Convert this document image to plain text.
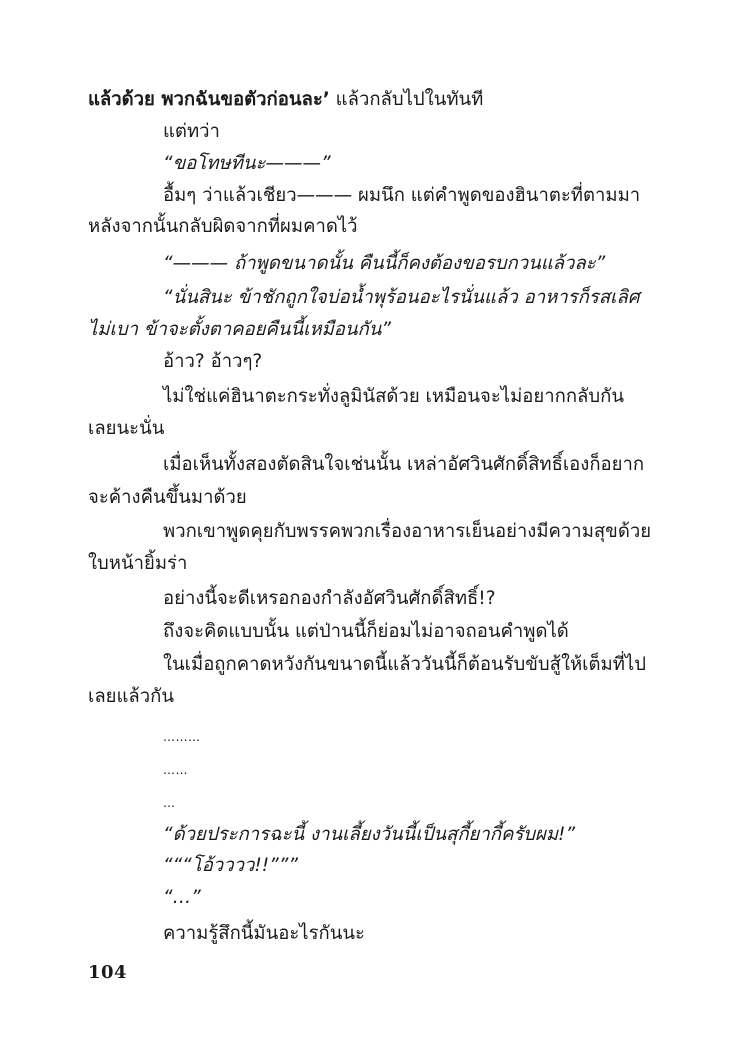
แล้วด้วย พวกฉันขอตัวก่อนละ’ แล้วกลับไปในทันที
แต่ทว่า
“ขอโทษทีนะ———”
อื้มๆ ว่าแล้วเชียว——— ผมนึก แต่คำพูดของฮินาตะที่ตามมา
หลังจากนั้นกลับผิดจากที่ผมคาดไว้
“——— ถ้าพูดขนาดนั้น คืนนี้ก็คงต้องขอรบกวนแล้วละ”
“นั่นสินะ ข้าชักถูกใจบ่อน้ำพุร้อนอะไรนั่นแล้ว อาหารก็รสเลิศ
ไม่เบา ข้าจะตั้งตาคอยคืนนี้เหมือนกัน”
อ้าว? อ้าวๆ?
ไม่ใช่แค่ฮินาตะกระทั่งลูมินัสด้วย เหมือนจะไม่อยากกลับกัน
เลยนะนั่น
เมื่อเห็นทั้งสองตัดสินใจเช่นนั้น เหล่าอัศวินศักดิ์สิทธิ์เองก็อยาก
จะค้างคืนขึ้นมาด้วย
พวกเขาพูดคุยกับพรรคพวกเรื่องอาหารเย็นอย่างมีความสุขด้วย
ใบหน้ายิ้มร่า
อย่างนี้จะดีเหรอกองกำลังอัศวินศักดิ์สิทธิ์!?
ถึงจะคิดแบบนั้น แต่ป่านนี้ก็ย่อมไม่อาจถอนคำพูดได้
ในเมื่อถูกคาดหวังกันขนาดนี้แล้ววันนี้ก็ต้อนรับขับสู้ให้เต็มที่ไป
เลยแล้วกัน
………
……
…
“ด้วยประการฉะนี้ งานเลี้ยงวันนี้เป็นสุกี้ยากี้ครับผม!”
“““โอ้วววว!!”””
“…”
ความรู้สึกนี้มันอะไรกันนะ
104
